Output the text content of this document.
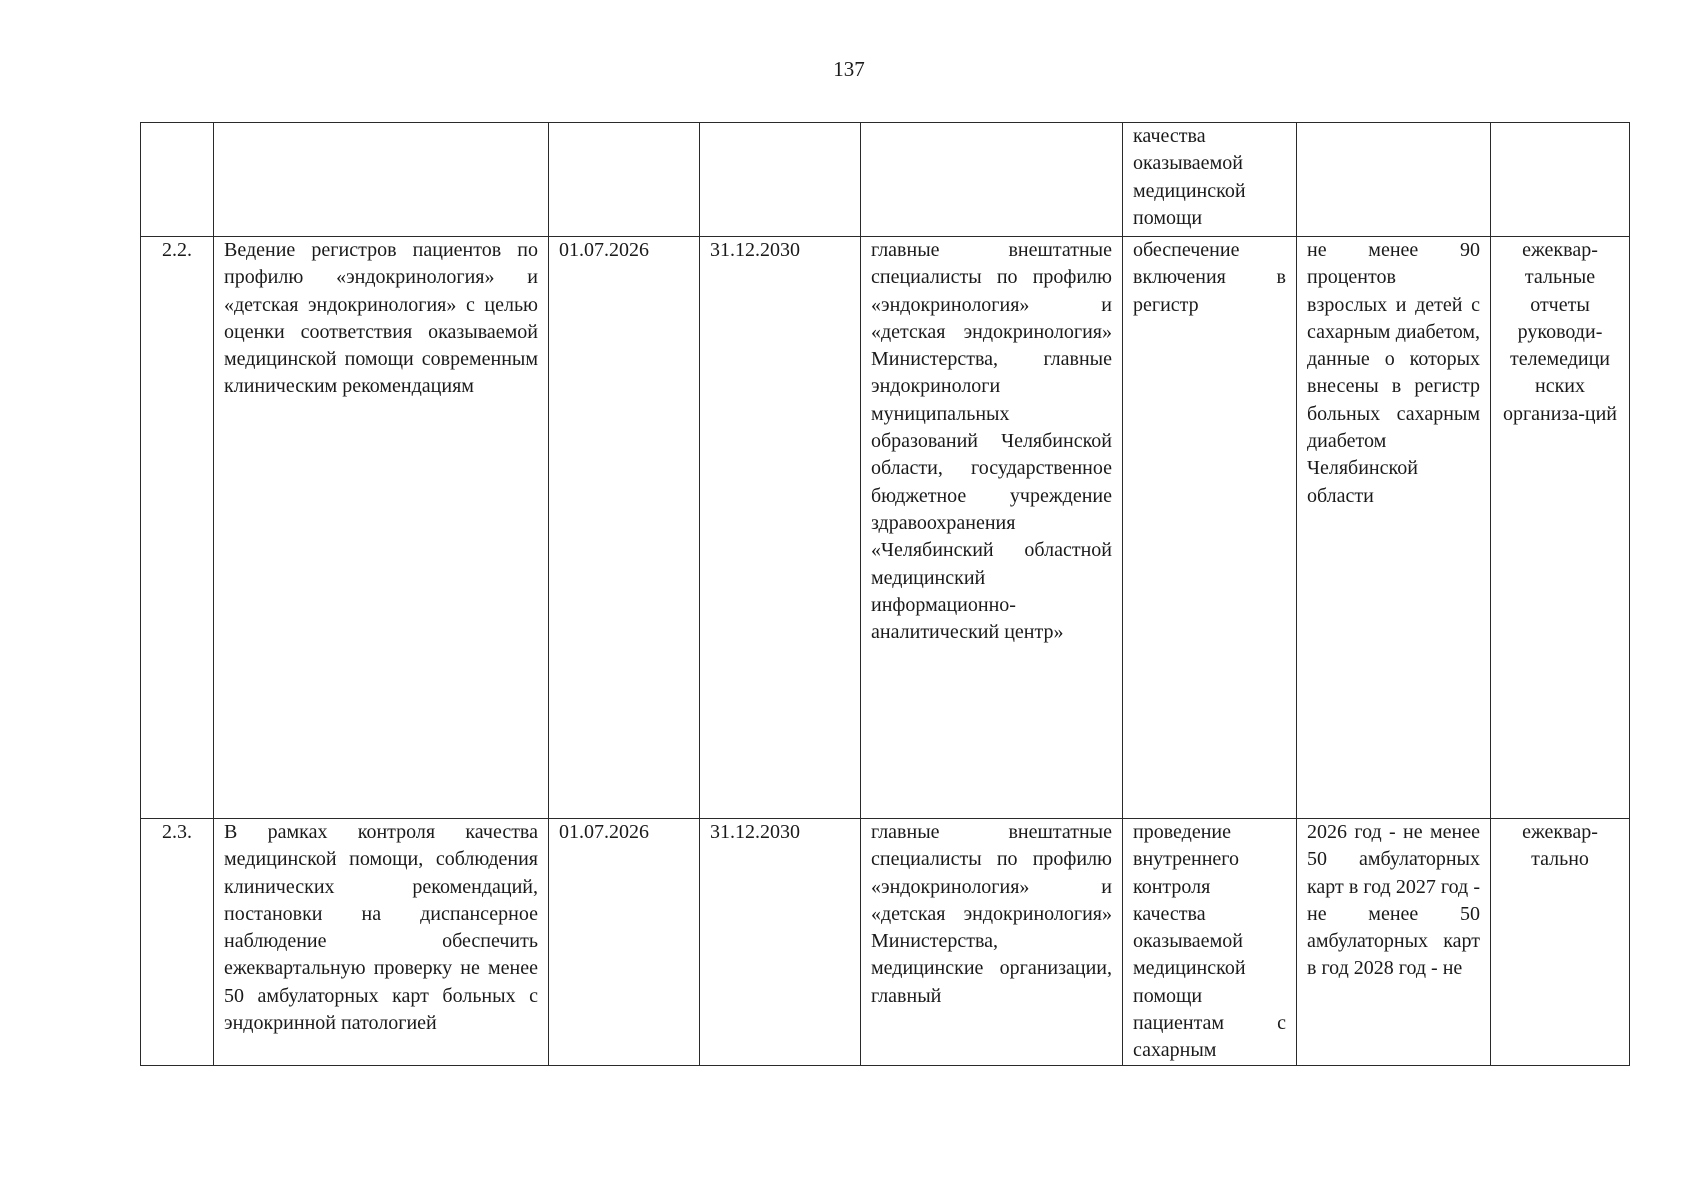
137
					качества оказываемой медицинской помощи		
2.2.	Ведение регистров пациентов по профилю «эндокринология» и «детская эндокринология» с целью оценки соответствия оказываемой медицинской помощи современным клиническим рекомендациям	01.07.2026	31.12.2030	главные внештатные специалисты по профилю «эндокринология» и «детская эндокринология» Министерства, главные эндокринологи муниципальных образований Челябинской области, государственное бюджетное учреждение здравоохранения «Челябинский областной медицинский информационно-аналитический центр»	обеспечение включения в регистр	не менее 90 процентов взрослых и детей с сахарным диабетом, данные о которых внесены в регистр больных сахарным диабетом Челябинской области	ежеквар-тальные отчеты руководи-телемедици нских организа-ций
2.3.	В рамках контроля качества медицинской помощи, соблюдения клинических рекомендаций, постановки на диспансерное наблюдение обеспечить ежеквартальную проверку не менее 50 амбулаторных карт больных с эндокринной патологией	01.07.2026	31.12.2030	главные внештатные специалисты по профилю «эндокринология» и «детская эндокринология» Министерства, медицинские организации, главный	проведение внутреннего контроля качества оказываемой медицинской помощи пациентам с сахарным	2026 год - не менее 50 амбулаторных карт в год 2027 год - не менее 50 амбулаторных карт в год 2028 год - не	ежеквар-тально
